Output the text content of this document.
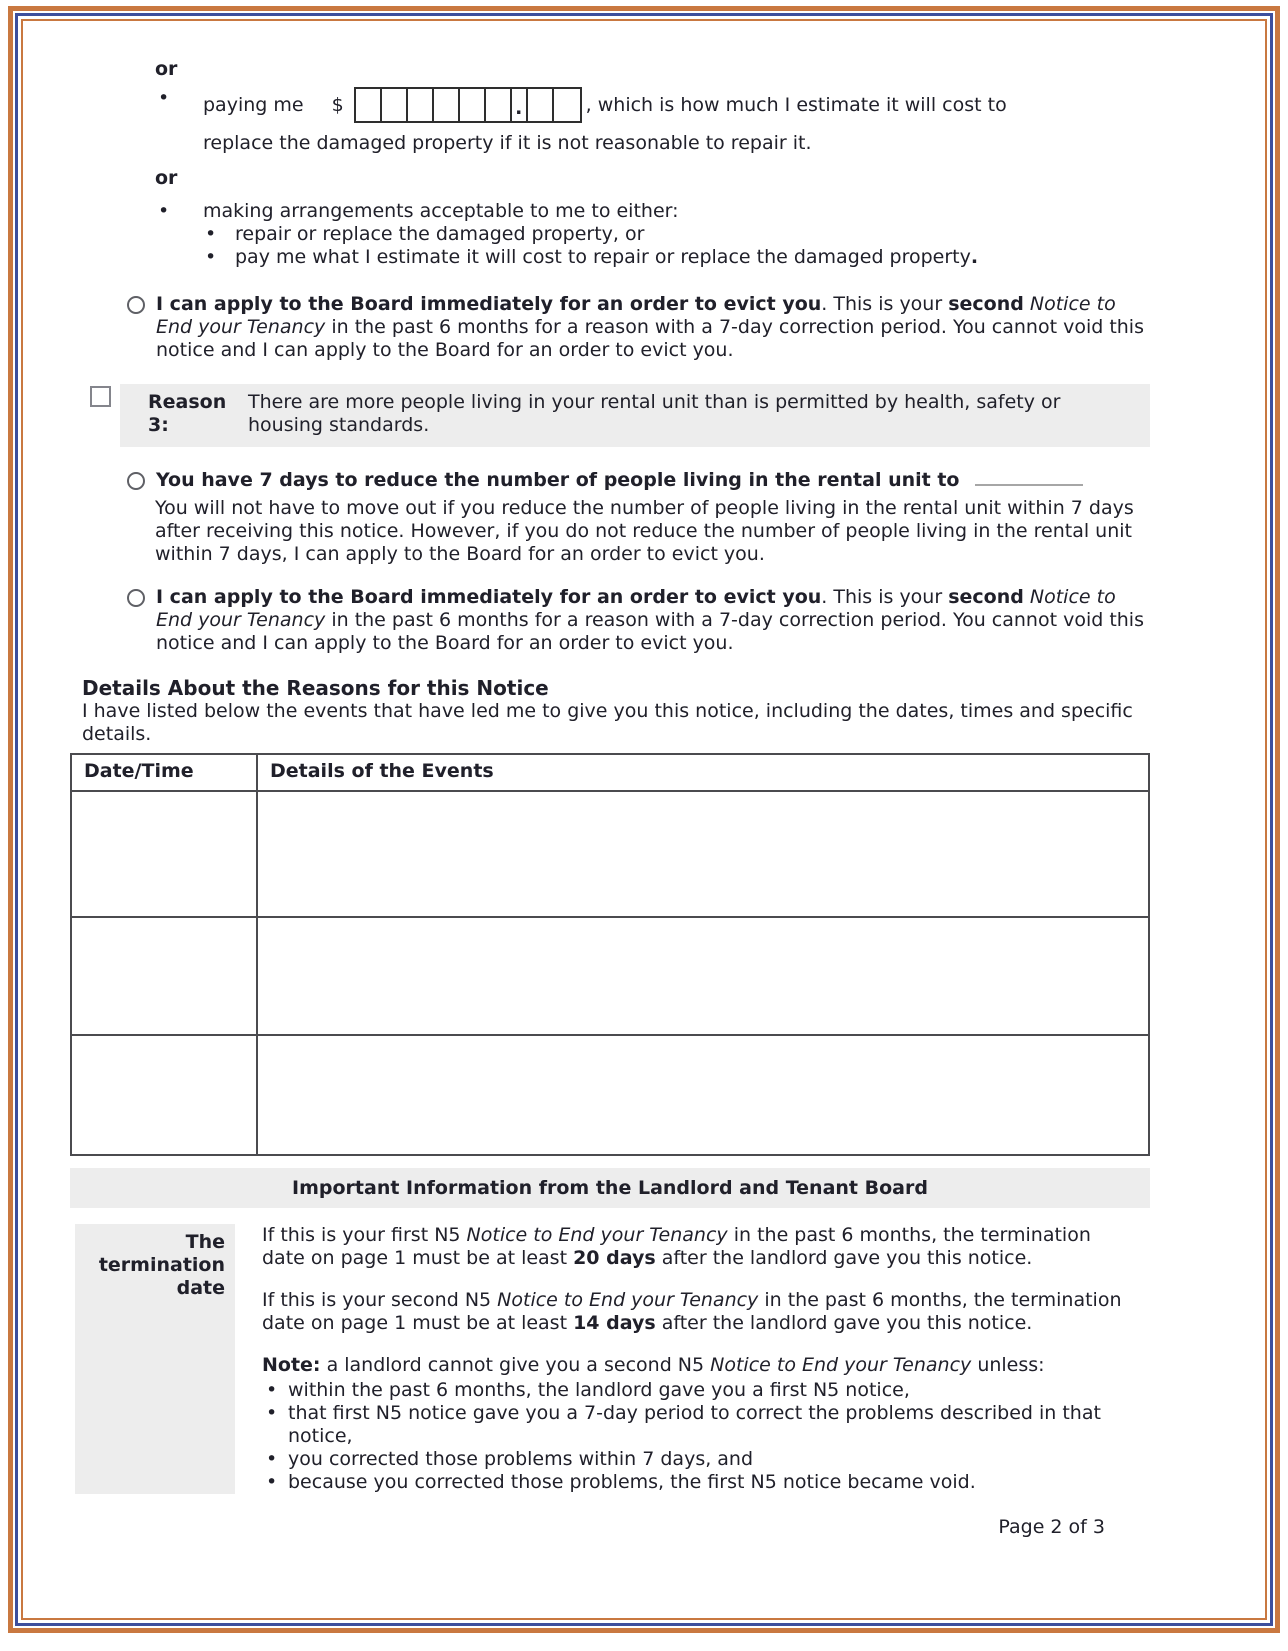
or
•	paying me $	.	, which is how much I estimate it will cost to
replace the damaged property if it is not reasonable to repair it.
or
•	making arrangements acceptable to me to either:
• repair or replace the damaged property, or
• pay me what I estimate it will cost to repair or replace the damaged property.
I can apply to the Board immediately for an order to evict you. This is your second Notice to End your Tenancy in the past 6 months for a reason with a 7-day correction period. You cannot void this notice and I can apply to the Board for an order to evict you.
Reason 3:
There are more people living in your rental unit than is permitted by health, safety or housing standards.
You have 7 days to reduce the number of people living in the rental unit to
You will not have to move out if you reduce the number of people living in the rental unit within 7 days after receiving this notice. However, if you do not reduce the number of people living in the rental unit within 7 days, I can apply to the Board for an order to evict you.
I can apply to the Board immediately for an order to evict you. This is your second Notice to End your Tenancy in the past 6 months for a reason with a 7-day correction period. You cannot void this notice and I can apply to the Board for an order to evict you.
Details About the Reasons for this Notice
I have listed below the events that have led me to give you this notice, including the dates, times and specific details.
Date/Time	Details of the Events

Important Information from the Landlord and Tenant Board
The termination date

If this is your first N5 Notice to End your Tenancy in the past 6 months, the termination date on page 1 must be at least 20 days after the landlord gave you this notice.

If this is your second N5 Notice to End your Tenancy in the past 6 months, the termination date on page 1 must be at least 14 days after the landlord gave you this notice.

Note: a landlord cannot give you a second N5 Notice to End your Tenancy unless:

• within the past 6 months, the landlord gave you a first N5 notice,
• that first N5 notice gave you a 7-day period to correct the problems described in that notice,
• you corrected those problems within 7 days, and
• because you corrected those problems, the first N5 notice became void.
Page 2 of 3
